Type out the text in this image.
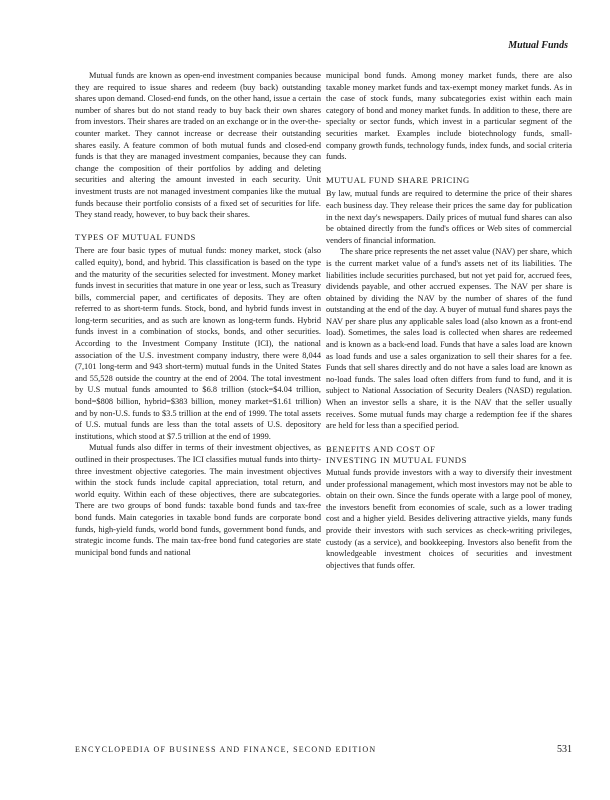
Mutual Funds

Mutual funds are known as open-end investment companies because they are required to issue shares and redeem (buy back) outstanding shares upon demand. Closed-end funds, on the other hand, issue a certain number of shares but do not stand ready to buy back their own shares from investors. Their shares are traded on an exchange or in the over-the-counter market. They cannot increase or decrease their outstanding shares easily. A feature common of both mutual funds and closed-end funds is that they are managed investment companies, because they can change the composition of their portfolios by adding and deleting securities and altering the amount invested in each security. Unit investment trusts are not managed investment companies like the mutual funds because their portfolio consists of a fixed set of securities for life. They stand ready, however, to buy back their shares.

TYPES OF MUTUAL FUNDS

There are four basic types of mutual funds: money market, stock (also called equity), bond, and hybrid. This classification is based on the type and the maturity of the securities selected for investment. Money market funds invest in securities that mature in one year or less, such as Treasury bills, commercial paper, and certificates of deposits. They are often referred to as short-term funds. Stock, bond, and hybrid funds invest in long-term securities, and as such are known as long-term funds. Hybrid funds invest in a combination of stocks, bonds, and other securities. According to the Investment Company Institute (ICI), the national association of the U.S. investment company industry, there were 8,044 (7,101 long-term and 943 short-term) mutual funds in the United States and 55,528 outside the country at the end of 2004. The total investment by U.S mutual funds amounted to $6.8 trillion (stock=$4.04 trillion, bond=$808 billion, hybrid=$383 billion, money market=$1.61 trillion) and by non-U.S. funds to $3.5 trillion at the end of 1999. The total assets of U.S. mutual funds are less than the total assets of U.S. depository institutions, which stood at $7.5 trillion at the end of 1999.

Mutual funds also differ in terms of their investment objectives, as outlined in their prospectuses. The ICI classifies mutual funds into thirty-three investment objective categories. The main investment objectives within the stock funds include capital appreciation, total return, and world equity. Within each of these objectives, there are subcategories. There are two groups of bond funds: taxable bond funds and tax-free bond funds. Main categories in taxable bond funds are corporate bond funds, high-yield funds, world bond funds, government bond funds, and strategic income funds. The main tax-free bond fund categories are state municipal bond funds and national

municipal bond funds. Among money market funds, there are also taxable money market funds and tax-exempt money market funds. As in the case of stock funds, many subcategories exist within each main category of bond and money market funds. In addition to these, there are specialty or sector funds, which invest in a particular segment of the securities market. Examples include biotechnology funds, small-company growth funds, technology funds, index funds, and social criteria funds.

MUTUAL FUND SHARE PRICING

By law, mutual funds are required to determine the price of their shares each business day. They release their prices the same day for publication in the next day's newspapers. Daily prices of mutual fund shares can also be obtained directly from the fund's offices or Web sites of commercial venders of financial information.

The share price represents the net asset value (NAV) per share, which is the current market value of a fund's assets net of its liabilities. The liabilities include securities purchased, but not yet paid for, accrued fees, dividends payable, and other accrued expenses. The NAV per share is obtained by dividing the NAV by the number of shares of the fund outstanding at the end of the day. A buyer of mutual fund shares pays the NAV per share plus any applicable sales load (also known as a front-end load). Sometimes, the sales load is collected when shares are redeemed and is known as a back-end load. Funds that have a sales load are known as load funds and use a sales organization to sell their shares for a fee. Funds that sell shares directly and do not have a sales load are known as no-load funds. The sales load often differs from fund to fund, and it is subject to National Association of Security Dealers (NASD) regulation. When an investor sells a share, it is the NAV that the seller usually receives. Some mutual funds may charge a redemption fee if the shares are held for less than a specified period.

BENEFITS AND COST OF
INVESTING IN MUTUAL FUNDS

Mutual funds provide investors with a way to diversify their investment under professional management, which most investors may not be able to obtain on their own. Since the funds operate with a large pool of money, the investors benefit from economies of scale, such as a lower trading cost and a higher yield. Besides delivering attractive yields, many funds provide their investors with such services as check-writing privileges, custody (as a service), and bookkeeping. Investors also benefit from the knowledgeable investment choices of securities and investment objectives that funds offer.

ENCYCLOPEDIA OF BUSINESS AND FINANCE, SECOND EDITION	531
